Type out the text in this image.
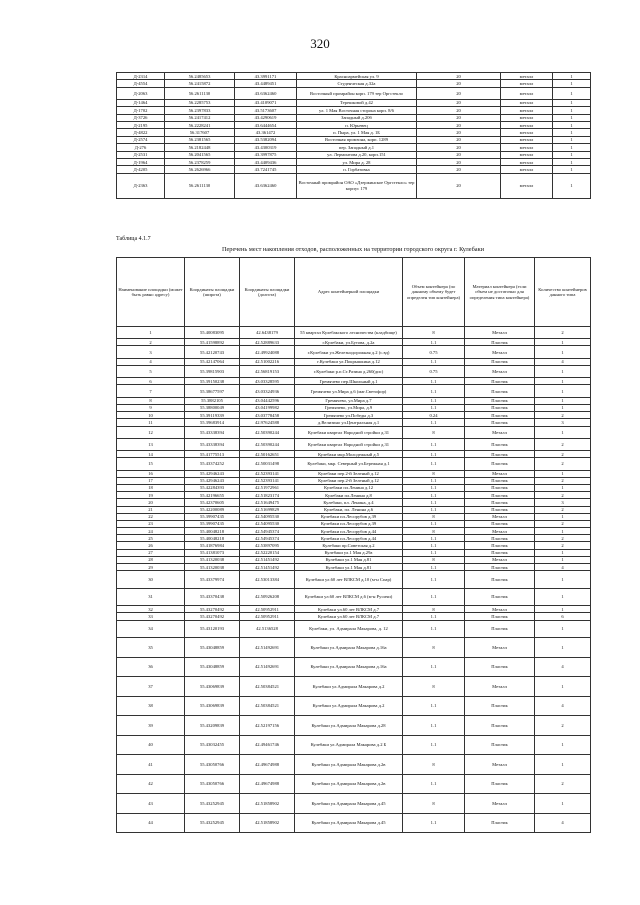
320
Д-2314	56.2485653	43.3991171	Красноармейская ул. 9	20	металл	1
Д-4554	56.2415872	43.4489451	Студенческая д.32а	20	металл	1
Д-2063	56.2611130	43.6362460	Восточный промрайон корп. 179 тер Оргстекло	20	металл	1
Д-1464	56.2285753	43.4109071	Терешковой д.42	20	металл	1
Д-1702	56.2397833	43.5173607	ул. 1 Мая Восточная сторона корп. 8/6	20	металл	1
Д-3726	56.2417412	43.4290619	Западный д.20б	20	металл	1
Д-2195	56.2228241	43.6444654	п. Юрьевец	20	металл	1
Д-4822	56.317607	43.361472	п. Пыра, ул. 1 Мая д. 1Б	20	металл	1
Д-2574	56.2381565	43.5382094	Восточная промзона, корп. 1289	20	металл	1
Д-276	56.2182448	43.4300319	пер. Западный д.1	20	металл	1
Д-2531	56.2041565	43.3997875	ул. Лермонтова д.20, корп.151	20	металл	1
Д-1964	56.2378259	43.4409436	ул. Мира д. 28	20	металл	1
Д-4205	56.2626966	43.7241745	п. Горбатовка	20	металл	1
Д-2363	56.2611130	43.6362460	Восточный промрайон ОАО «Дзержинское Оргстекло» тер корпус 179	20	металл	1
Таблица 4.1.7
Перечень мест накопления отходов, расположенных на территории городского округа г. Кулебаки
Наименование площадки (может быть равно адресу)	Координаты площадки (широта)	Координаты площадки (долгота)	Адрес контейнерной площадки	Объем контейнера (по данному объему будет определен тип контейнера)	Материал контейнера (если объем не достаточно для определения типа контейнера)	Количество контейнеров данного типа
1	55.40083095	42.6438179	55 квартал Кулебакского лесничества (кладбище)	8	Металл	2
2	55.41598892	42.52889633	г.Кулебаки, ул.Бутова, д.2а	1.1	Пластик	1
3	55.42120743	42.49924088	г.Кулебаки ул.Железнодорожная д.2 (с.вд)	0.75	Металл	1
4	55.42147064	42.51002216	г.Кулебаки ул.Покрышкина д.12	1.1	Пластик	4
5	55.39815903	42.56819153	г.Кулебаки р.п.Ст.Разина д.260(дис)	0.75	Металл	1
6	55.39150238	43.03328595	Гремячево пер.Школьный д.1	1.1	Пластик	1
7	55.38677597	43.03324936	Гремячево ул.Мира д.6 (маг.Светофор)	1.1	Пластик	1
8	55.3882105	43.04442596	Гремячево, ул.Мира д.7	1.1	Пластик	1
9	55.38800049	43.04199982	Гремячево, ул.Мира, д.9	1.1	Пластик	1
10	55.39119339	43.03778458	Гремячево ул.Победы д.3	0.24	Пластик	2
11	55.39683914	42.97624588	д.Велизино ул.Центральная д.1	1.1	Пластик	3
12	55.43338394	42.50390244	Кулебаки квартал Народной стройки д.31	8	Металл	1
13	55.43338394	42.50390244	Кулебаки квартал Народной стройки д.31	1.1	Пластик	2
14	55.41775513	42.50162651	Кулебаки мкр.Молодежный д.5	1.1	Пластик	2
15	55.43374252	42.50031498	Кулебаки, мкр. Северный ул.Бережная д.1	1.1	Пластик	2
16	55.42946243	42.52393141	Кулебаки пер.2-й Зеленый д.12	8	Металл	1
17	55.42946243	42.52393141	Кулебаки пер.2-й Зеленый д.12	1.1	Пластик	2
18	55.42284393	42.51972961	Кулебаки пл.Ленина д.12	1.1	Пластик	1
19	55.42196655	42.51823174	Кулебаки пл.Ленина д.8	1.1	Пластик	2
20	55.42370605	42.51649475	Кулебаки, пл. Ленина, д.4	1.1	Пластик	3
21	55.42200089	42.51699829	Кулебаки, пл. Ленина д.6	1.1	Пластик	2
22	55.39907435	42.54095530	Кулебаки пл.Лесорубов д.39	8	Металл	1
23	55.39907435	42.54095530	Кулебаки пл.Лесорубов д.39	1.1	Пластик	2
24	55.40048218	42.54945374	Кулебаки пл.Лесорубов д.44	8	Металл	1
25	55.40048218	42.54945374	Кулебаки пл.Лесорубов д.44	1.1	Пластик	2
26	55.41876984	42.53897095	Кулебаки пр.Советская д.2	1.1	Пластик	2
27	55.41381073	42.52220154	Кулебаки ул.1 Мая д.29а	1.1	Пластик	1
28	55.41320038	42.51451492	Кулебаки ул.1 Мая д.81	8	Металл	1
29	55.41320038	42.51451492	Кулебаки ул.1 Мая д.81	1.1	Пластик	4
30	55.43379974	42.53013384	Кулебаки ул.60 лет ВЛКСМ д.10 (м-н Спар)	1.1	Пластик	1
31	55.43370438	42.50926208	Кулебаки ул.60 лет ВЛКСМ д.6 (м-н Русичи)	1.1	Пластик	1
32	55.43270492	42.50952911	Кулебаки ул.60 лет ВЛКСМ д.7	8	Металл	1
33	55.43270492	42.50952911	Кулебаки ул.60 лет ВЛКСМ д.7	1.1	Пластик	6
34	55.43120193	42.5136528	Кулебаки, ул. Адмирала Макарова, д. 12	1.1	Пластик	1
35	55.43048859	42.51492691	Кулебаки ул.Адмирала Макарова д.16а	8	Металл	1
36	55.43048859	42.51492691	Кулебаки ул.Адмирала Макарова д.16а	1.1	Пластик	4
37	55.43069839	42.50384521	Кулебаки ул.Адмирала Макарова д.2	8	Металл	1
38	55.43069839	42.50384521	Кулебаки ул.Адмирала Макарова д.2	1.1	Пластик	4
39	55.43209839	42.52197156	Кулебаки ул.Адмирала Макарова д.28	1.1	Пластик	2
40	55.43032455	42.49461746	Кулебаки ул.Адмирала Макарова д.2 Б	1.1	Пластик	1
41	55.43050766	42.49674988	Кулебаки ул.Адмирала Макарова д.2в	8	Металл	1
42	55.43050766	42.49674988	Кулебаки ул.Адмирала Макарова д.2в	1.1	Пластик	2
43	55.43252945	42.51858902	Кулебаки ул.Адмирала Макарова д.45	8	Металл	1
44	55.43252945	42.51858902	Кулебаки ул.Адмирала Макарова д.45	1.1	Пластик	4
